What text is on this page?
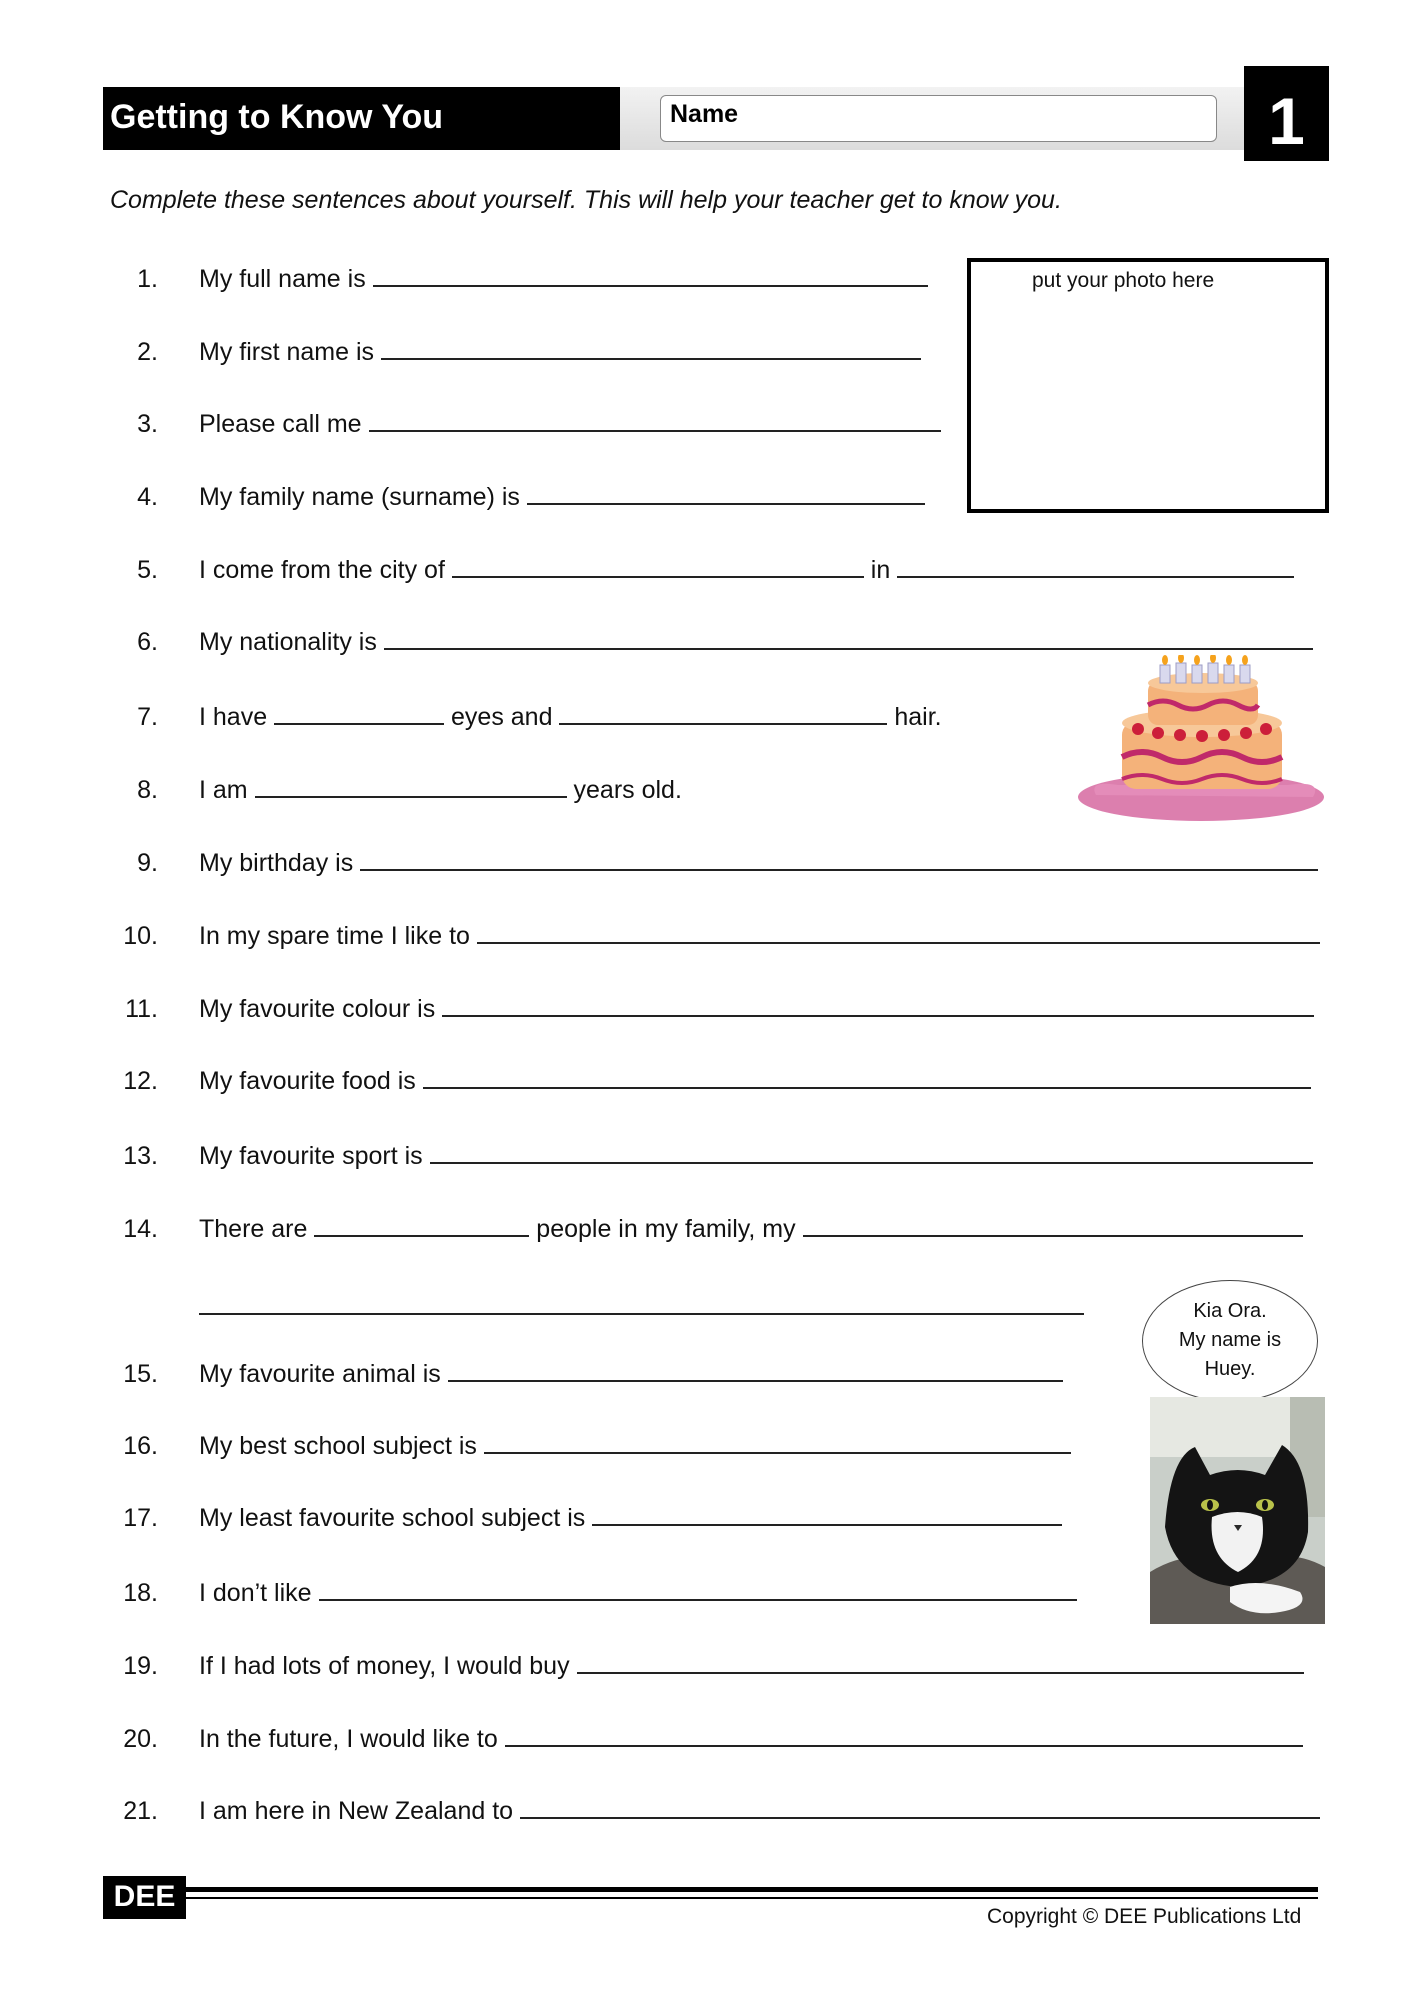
Getting to Know You	Name	1
Complete these sentences about yourself. This will help your teacher get to know you.
put your photo here
1. My full name is
2. My first name is
3. Please call me
4. My family name (surname) is
5. I come from the city of	in
6. My nationality is
7. I have	eyes and	hair.
8. I am	years old.
9. My birthday is
10. In my spare time I like to
11. My favourite colour is
12. My favourite food is
13. My favourite sport is
14. There are	people in my family, my
15. My favourite animal is
16. My best school subject is
17. My least favourite school subject is
18. I don’t like
19. If I had lots of money, I would buy
20. In the future, I would like to
21. I am here in New Zealand to
Kia Ora.
My name is
Huey.
DEE
Copyright © DEE Publications Ltd
